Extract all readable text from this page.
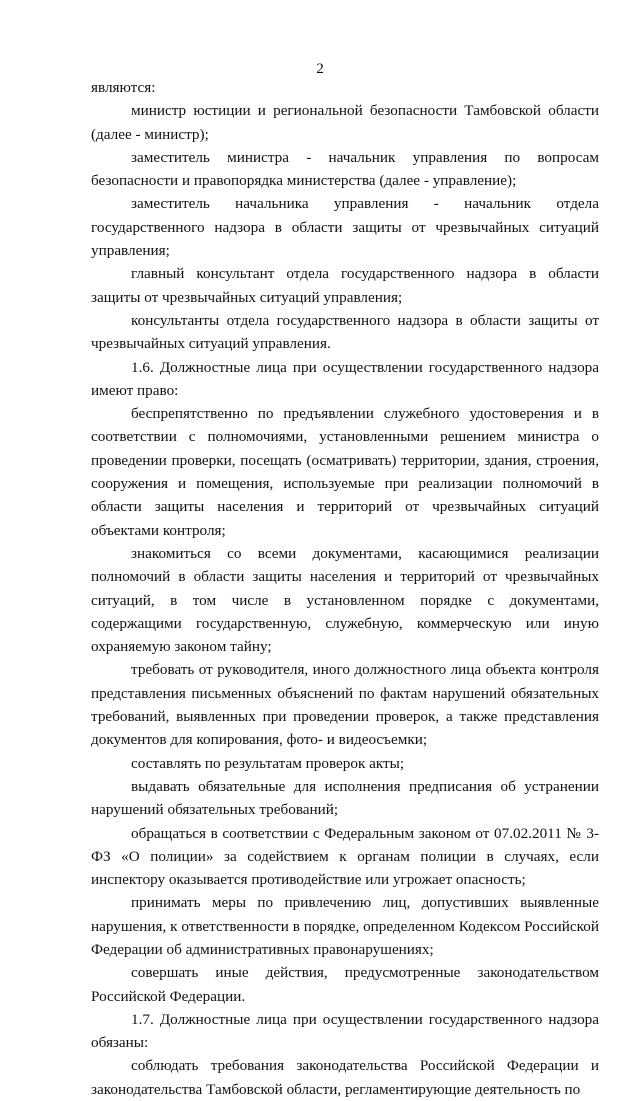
2

являются:

министр юстиции и региональной безопасности Тамбовской области (далее - министр);

заместитель министра - начальник управления по вопросам безопасности и правопорядка министерства (далее - управление);

заместитель начальника управления - начальник отдела государственного надзора в области защиты от чрезвычайных ситуаций управления;

главный консультант отдела государственного надзора в области защиты от чрезвычайных ситуаций управления;

консультанты отдела государственного надзора в области защиты от чрезвычайных ситуаций управления.

1.6. Должностные лица при осуществлении государственного надзора имеют право:

беспрепятственно по предъявлении служебного удостоверения и в соответствии с полномочиями, установленными решением министра о проведении проверки, посещать (осматривать) территории, здания, строения, сооружения и помещения, используемые при реализации полномочий в области защиты населения и территорий от чрезвычайных ситуаций объектами контроля;

знакомиться со всеми документами, касающимися реализации полномочий в области защиты населения и территорий от чрезвычайных ситуаций, в том числе в установленном порядке с документами, содержащими государственную, служебную, коммерческую или иную охраняемую законом тайну;

требовать от руководителя, иного должностного лица объекта контроля представления письменных объяснений по фактам нарушений обязательных требований, выявленных при проведении проверок, а также представления документов для копирования, фото- и видеосъемки;

составлять по результатам проверок акты;

выдавать обязательные для исполнения предписания об устранении нарушений обязательных требований;

обращаться в соответствии с Федеральным законом от 07.02.2011 № 3-ФЗ «О полиции» за содействием к органам полиции в случаях, если инспектору оказывается противодействие или угрожает опасность;

принимать меры по привлечению лиц, допустивших выявленные нарушения, к ответственности в порядке, определенном Кодексом Российской Федерации об административных правонарушениях;

совершать иные действия, предусмотренные законодательством Российской Федерации.

1.7. Должностные лица при осуществлении государственного надзора обязаны:

соблюдать требования законодательства Российской Федерации и законодательства Тамбовской области, регламентирующие деятельность по
